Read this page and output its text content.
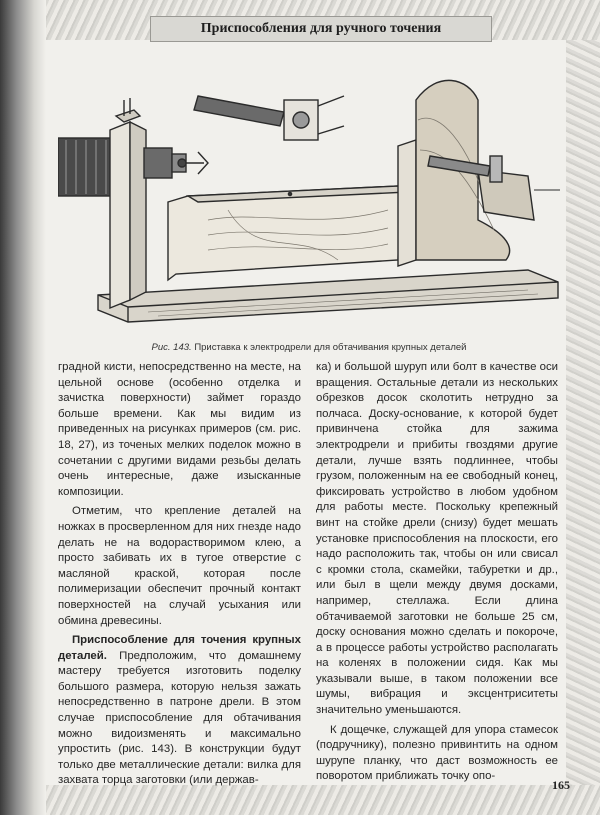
Приспособления для ручного точения
Рис. 143. Приставка к электродрели для обтачивания крупных деталей

градной кисти, непосредственно на месте, на цельной основе (особенно отделка и зачистка поверхности) займет гораздо больше времени. Как мы видим из приведенных на рисунках примеров (см. рис. 18, 27), из точеных мелких поделок можно в сочетании с другими видами резьбы делать очень интересные, даже изысканные композиции.

Отметим, что крепление деталей на ножках в просверленном для них гнезде надо делать не на водорастворимом клею, а просто забивать их в тугое отверстие с масляной краской, которая после полимеризации обеспечит прочный контакт поверхностей на случай усыхания или обмина древесины.

Приспособление для точения крупных деталей. Предположим, что домашнему мастеру требуется изготовить поделку большого размера, которую нельзя зажать непосредственно в патроне дрели. В этом случае приспособление для обтачивания можно видоизменять и максимально упростить (рис. 143). В конструкции будут только две металлические детали: вилка для захвата торца заготовки (или держав-

ка) и большой шуруп или болт в качестве оси вращения. Остальные детали из нескольких обрезков досок сколотить нетрудно за полчаса. Доску-основание, к которой будет привинчена стойка для зажима электродрели и прибиты гвоздями другие детали, лучше взять подлиннее, чтобы грузом, положенным на ее свободный конец, фиксировать устройство в любом удобном для работы месте. Поскольку крепежный винт на стойке дрели (снизу) будет мешать установке приспособления на плоскости, его надо расположить так, чтобы он или свисал с кромки стола, скамейки, табуретки и др., или был в щели между двумя досками, например, стеллажа. Если длина обтачиваемой заготовки не больше 25 см, доску основания можно сделать и покороче, а в процессе работы устройство располагать на коленях в положении сидя. Как мы указывали выше, в таком положении все шумы, вибрация и эксцентриситеты значительно уменьшаются.

К дощечке, служащей для упора стамесок (подручнику), полезно привинтить на одном шурупе планку, что даст возможность ее поворотом приближать точку опо-

165
